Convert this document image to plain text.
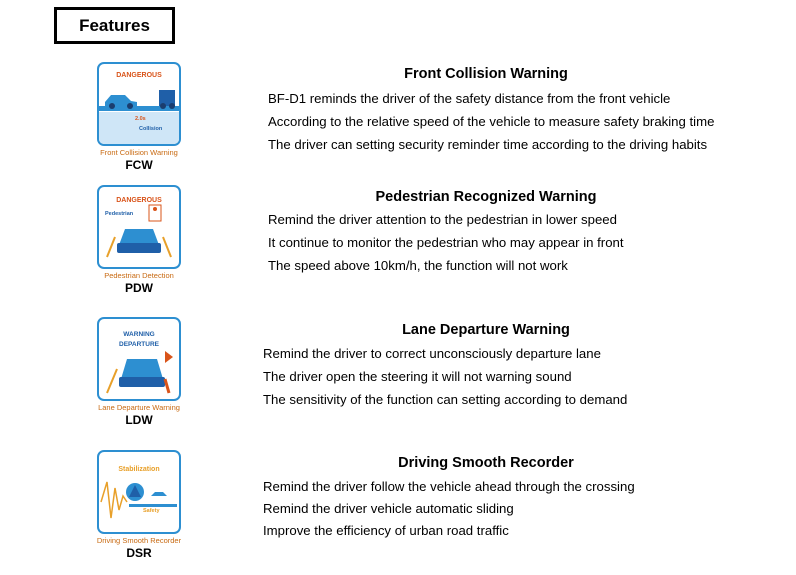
Features
DANGEROUS
2.0s
Collision
Front Collision Warning
FCW
Front Collision Warning
BF-D1 reminds the driver of the safety distance from the front vehicle
According to the relative speed of the vehicle to measure safety braking time
The driver can setting security reminder time according to the driving habits
DANGEROUS
Pedestrian
Pedestrian Detection
PDW
Pedestrian Recognized Warning
Remind the driver attention to the pedestrian in lower speed
It continue to monitor the pedestrian who may appear in front
The speed above 10km/h, the function will not work
WARNING
DEPARTURE
Lane Departure Warning
LDW
Lane Departure Warning
Remind the driver to correct unconsciously departure lane
The driver open the steering it will not warning sound
The sensitivity of the function can setting according to demand
Stabilization
Safety
Driving Smooth Recorder
DSR
Driving Smooth Recorder
Remind the driver follow the vehicle ahead through the crossing
Remind the driver vehicle automatic sliding
Improve the efficiency of urban road traffic
